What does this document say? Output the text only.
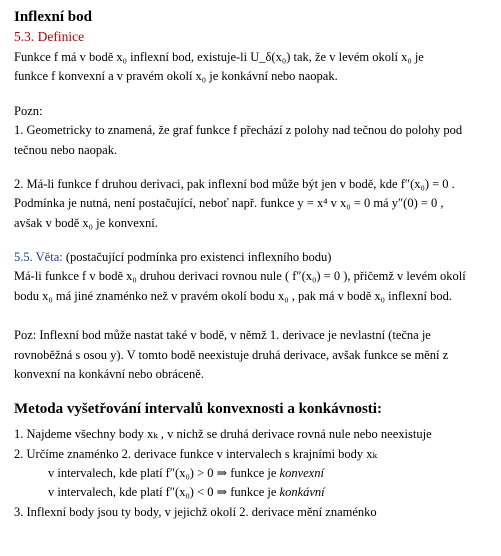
Inflexní bod
5.3. Definice

Funkce f má v bodě x₀ inflexní bod, existuje-li U_δ(x₀) tak, že v levém okolí x₀ je

funkce f konvexní a v pravém okolí x₀ je konkávní nebo naopak.

Pozn:

1. Geometricky to znamená, že graf funkce f přechází z polohy nad tečnou do polohy pod

tečnou nebo naopak.

2. Má-li funkce f druhou derivaci, pak inflexní bod může být jen v bodě, kde f″(x₀) = 0 .

Podmínka je nutná, není postačující, neboť např. funkce y = x⁴ v x₀ = 0 má y″(0) = 0 ,

avšak v bodě x₀ je konvexní.

5.5. Věta: (postačující podmínka pro existenci inflexního bodu)

Má-li funkce f v bodě x₀ druhou derivaci rovnou nule ( f″(x₀) = 0 ), přičemž v levém okolí

bodu x₀ má jiné znaménko než v pravém okolí bodu x₀ , pak má v bodě x₀ inflexní bod.

Poz: Inflexní bod může nastat také v bodě, v němž 1. derivace je nevlastní (tečna je

rovnoběžná s osou y). V tomto bodě neexistuje druhá derivace, avšak funkce se mění z

konvexní na konkávní nebo obráceně.

Metoda vyšetřování intervalů konvexnosti a konkávnosti:

1. Najdeme všechny body xₖ , v nichž se druhá derivace rovná nule nebo neexistuje

2. Určíme znaménko 2. derivace funkce v intervalech s krajními body xₖ

v intervalech, kde platí f″(x₀) > 0 ⇒ funkce je konvexní

v intervalech, kde platí f″(x₀) < 0 ⇒ funkce je konkávní

3. Inflexní body jsou ty body, v jejichž okolí 2. derivace mění znaménko
